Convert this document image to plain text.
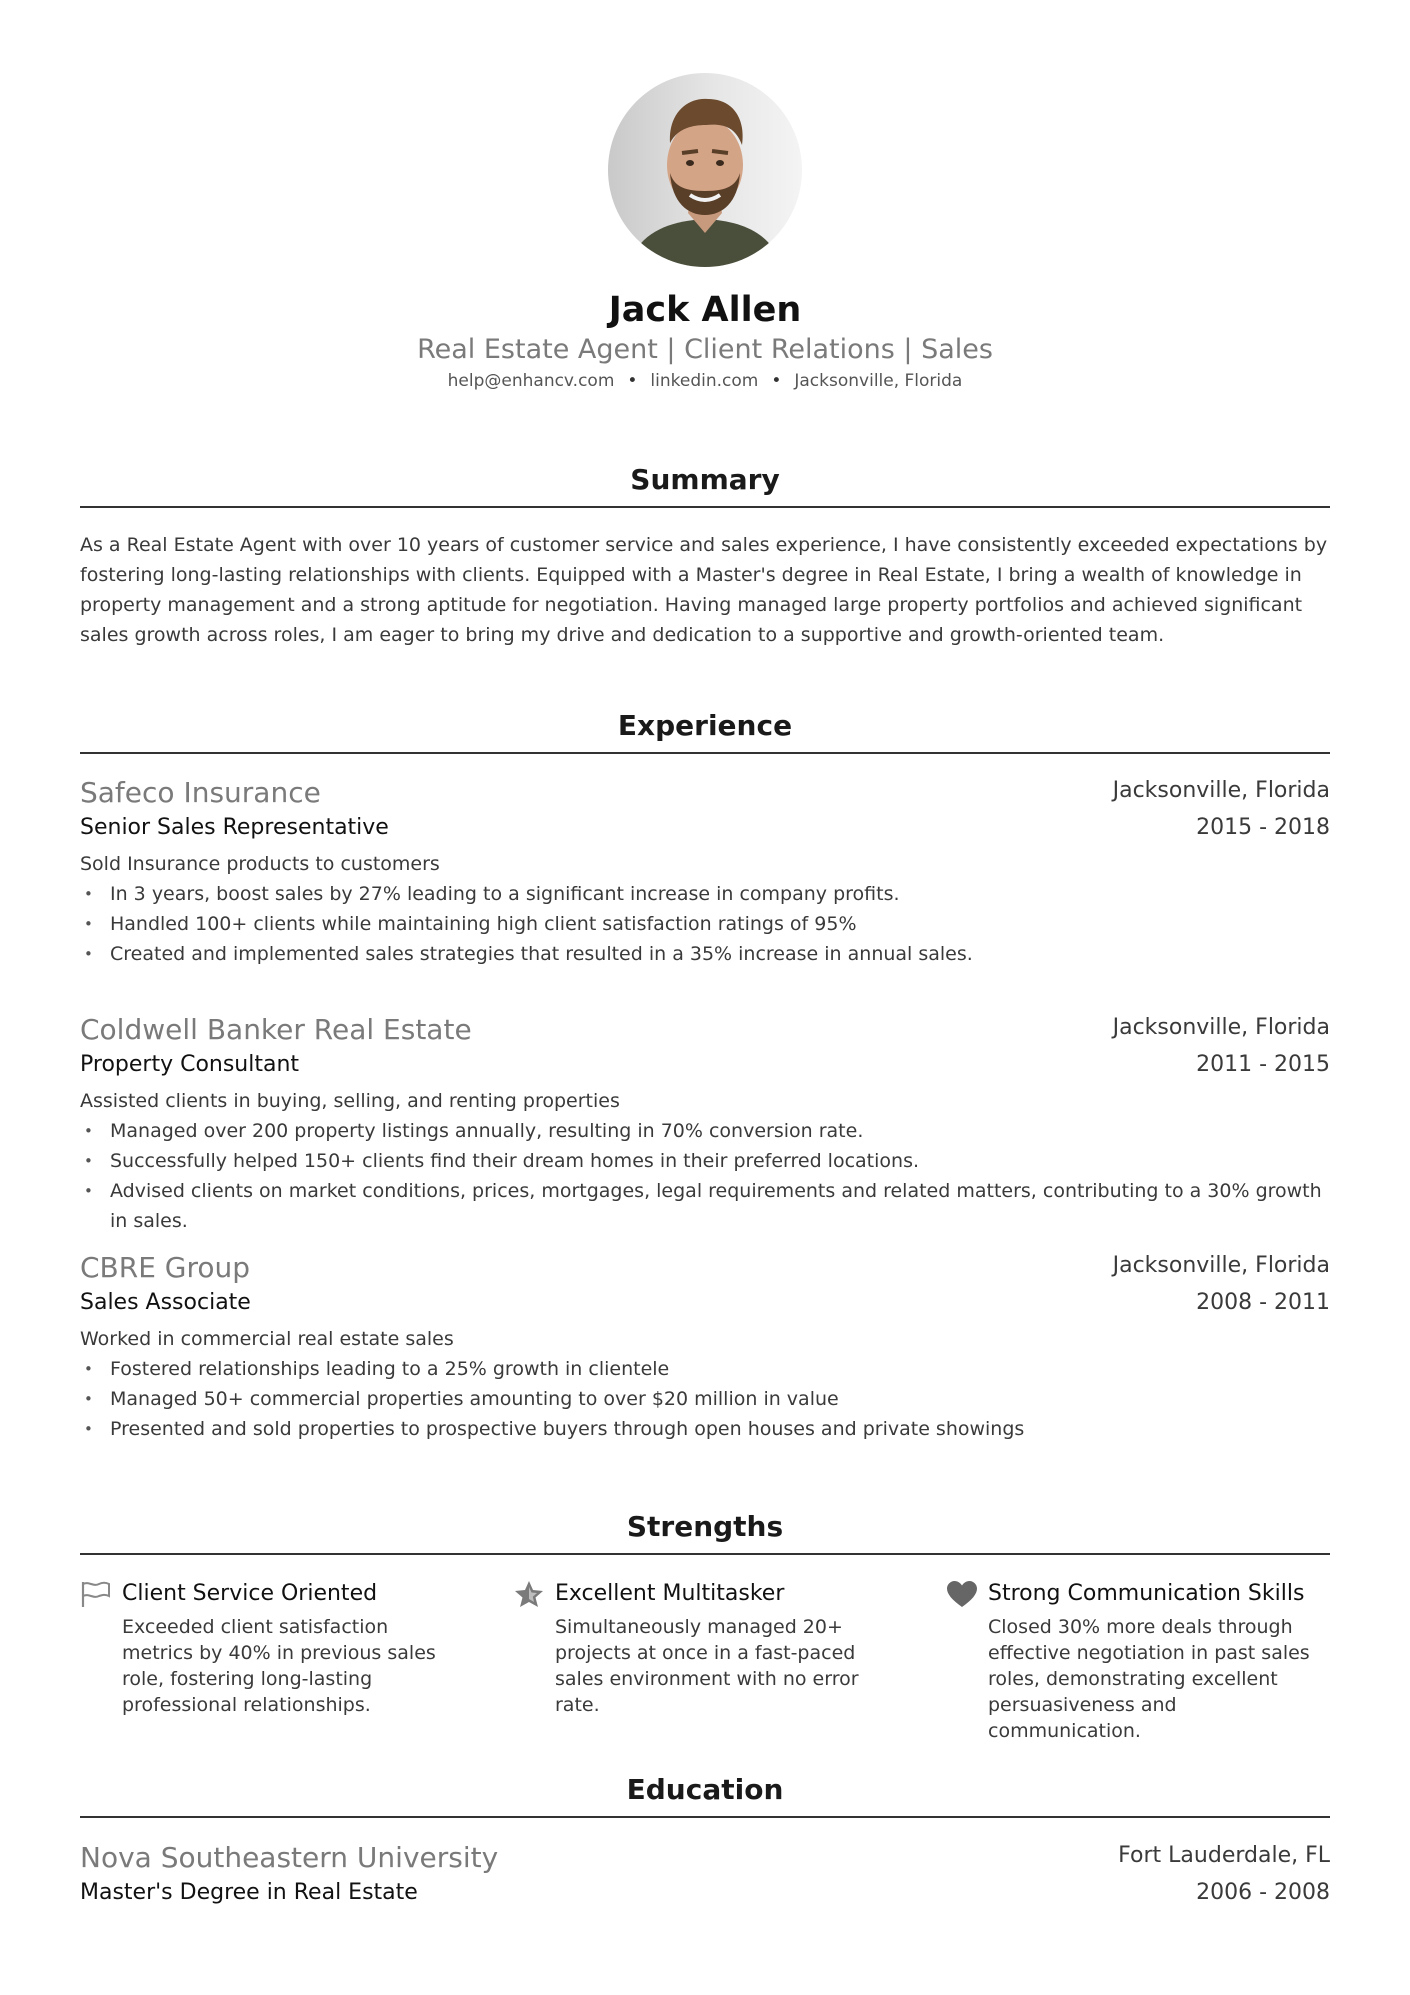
Jack Allen

Real Estate Agent | Client Relations | Sales

help@enhancv.com • linkedin.com • Jacksonville, Florida

Summary

As a Real Estate Agent with over 10 years of customer service and sales experience, I have consistently exceeded expectations by fostering long-lasting relationships with clients. Equipped with a Master's degree in Real Estate, I bring a wealth of knowledge in property management and a strong aptitude for negotiation. Having managed large property portfolios and achieved significant sales growth across roles, I am eager to bring my drive and dedication to a supportive and growth-oriented team.

Experience
Safeco Insurance	Jacksonville, Florida
Senior Sales Representative	2015 - 2018
Sold Insurance products to customers
• In 3 years, boost sales by 27% leading to a significant increase in company profits.
• Handled 100+ clients while maintaining high client satisfaction ratings of 95%
• Created and implemented sales strategies that resulted in a 35% increase in annual sales.
Coldwell Banker Real Estate	Jacksonville, Florida
Property Consultant	2011 - 2015
Assisted clients in buying, selling, and renting properties
• Managed over 200 property listings annually, resulting in 70% conversion rate.
• Successfully helped 150+ clients find their dream homes in their preferred locations.
• Advised clients on market conditions, prices, mortgages, legal requirements and related matters, contributing to a 30% growth in sales.
CBRE Group	Jacksonville, Florida
Sales Associate	2008 - 2011
Worked in commercial real estate sales
• Fostered relationships leading to a 25% growth in clientele
• Managed 50+ commercial properties amounting to over $20 million in value
• Presented and sold properties to prospective buyers through open houses and private showings
Strengths
Client Service Oriented

Exceeded client satisfaction metrics by 40% in previous sales role, fostering long-lasting professional relationships.

Excellent Multitasker

Simultaneously managed 20+ projects at once in a fast-paced sales environment with no error rate.

Strong Communication Skills

Closed 30% more deals through effective negotiation in past sales roles, demonstrating excellent persuasiveness and communication.

Education
Nova Southeastern University	Fort Lauderdale, FL
Master's Degree in Real Estate	2006 - 2008
